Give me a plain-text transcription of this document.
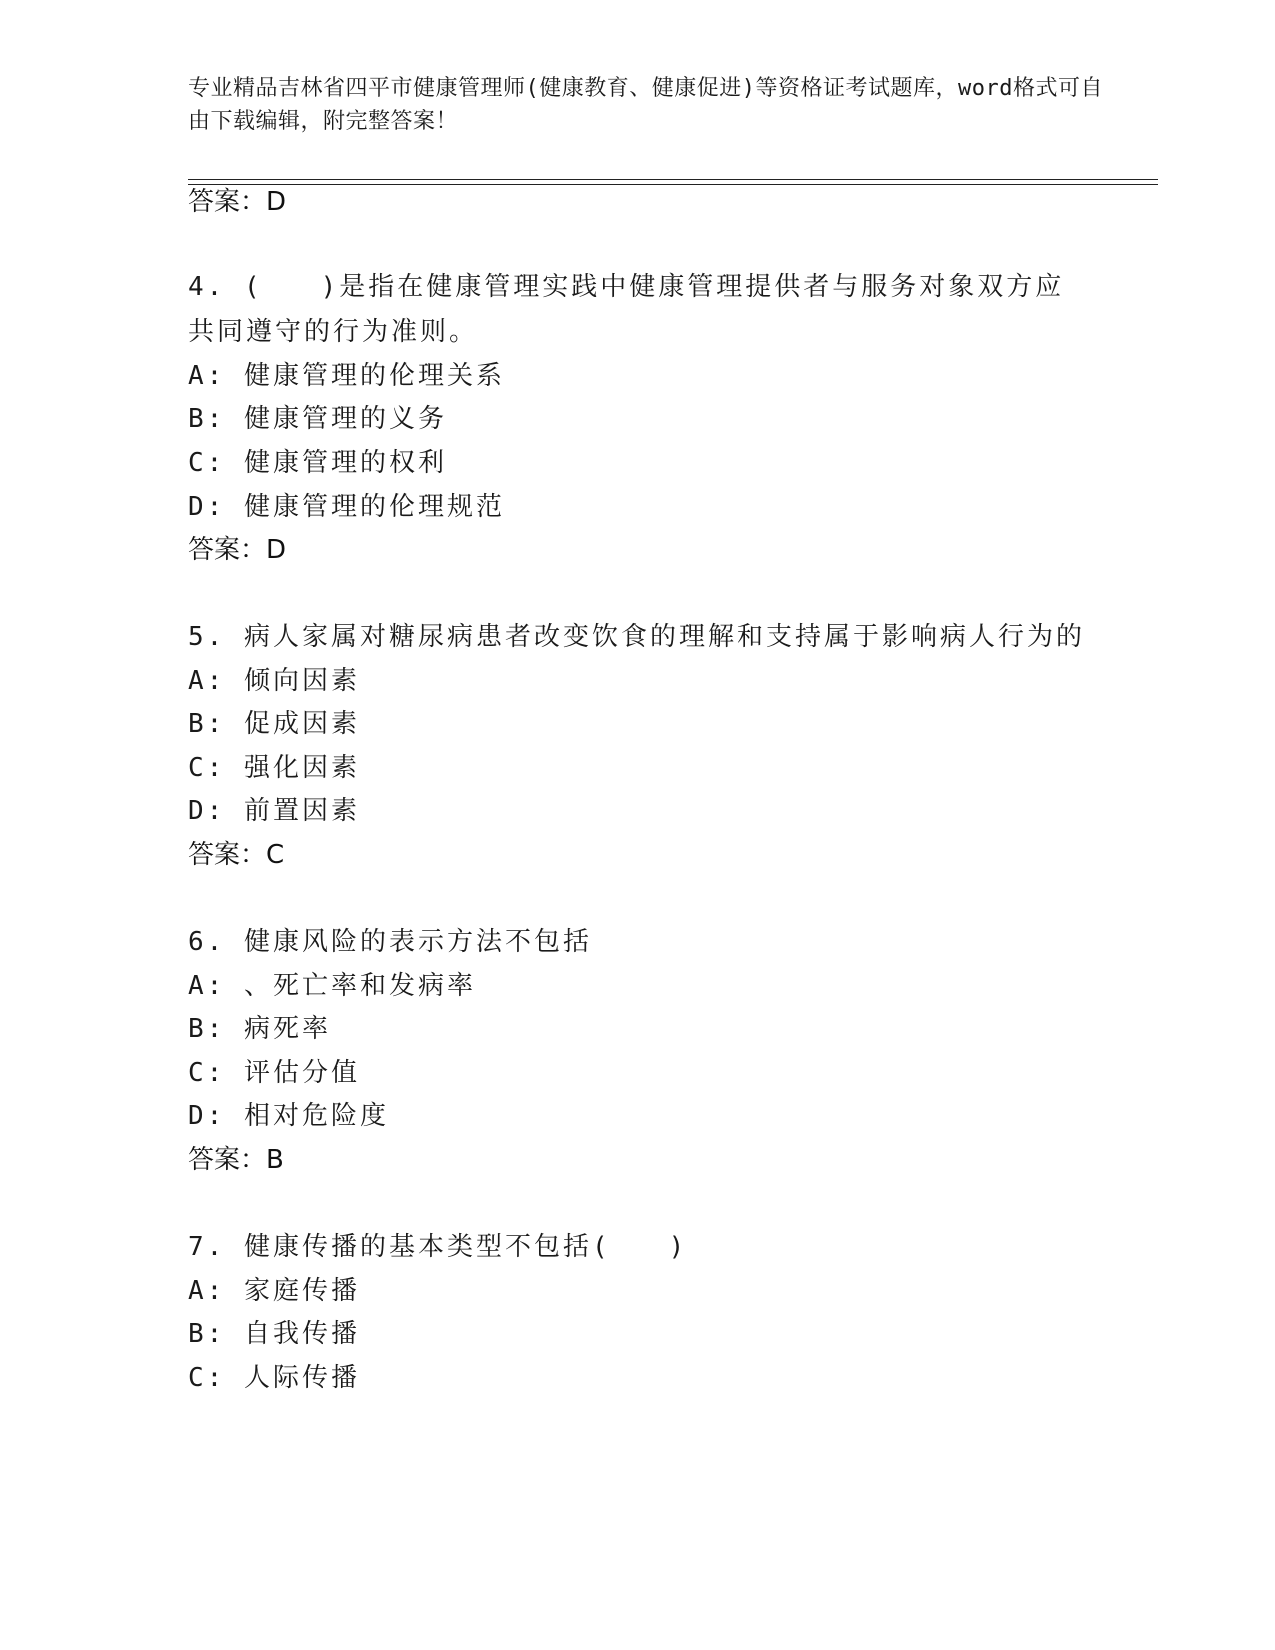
专业精品吉林省四平市健康管理师(健康教育、健康促进)等资格证考试题库，word格式可自由下载编辑，附完整答案！
答案：D
4. (　　)是指在健康管理实践中健康管理提供者与服务对象双方应共同遵守的行为准则。
A: 健康管理的伦理关系
B: 健康管理的义务
C: 健康管理的权利
D: 健康管理的伦理规范
答案：D
5. 病人家属对糖尿病患者改变饮食的理解和支持属于影响病人行为的
A: 倾向因素
B: 促成因素
C: 强化因素
D: 前置因素
答案：C
6. 健康风险的表示方法不包括
A: 、死亡率和发病率
B: 病死率
C: 评估分值
D: 相对危险度
答案：B
7. 健康传播的基本类型不包括(　　)
A: 家庭传播
B: 自我传播
C: 人际传播
